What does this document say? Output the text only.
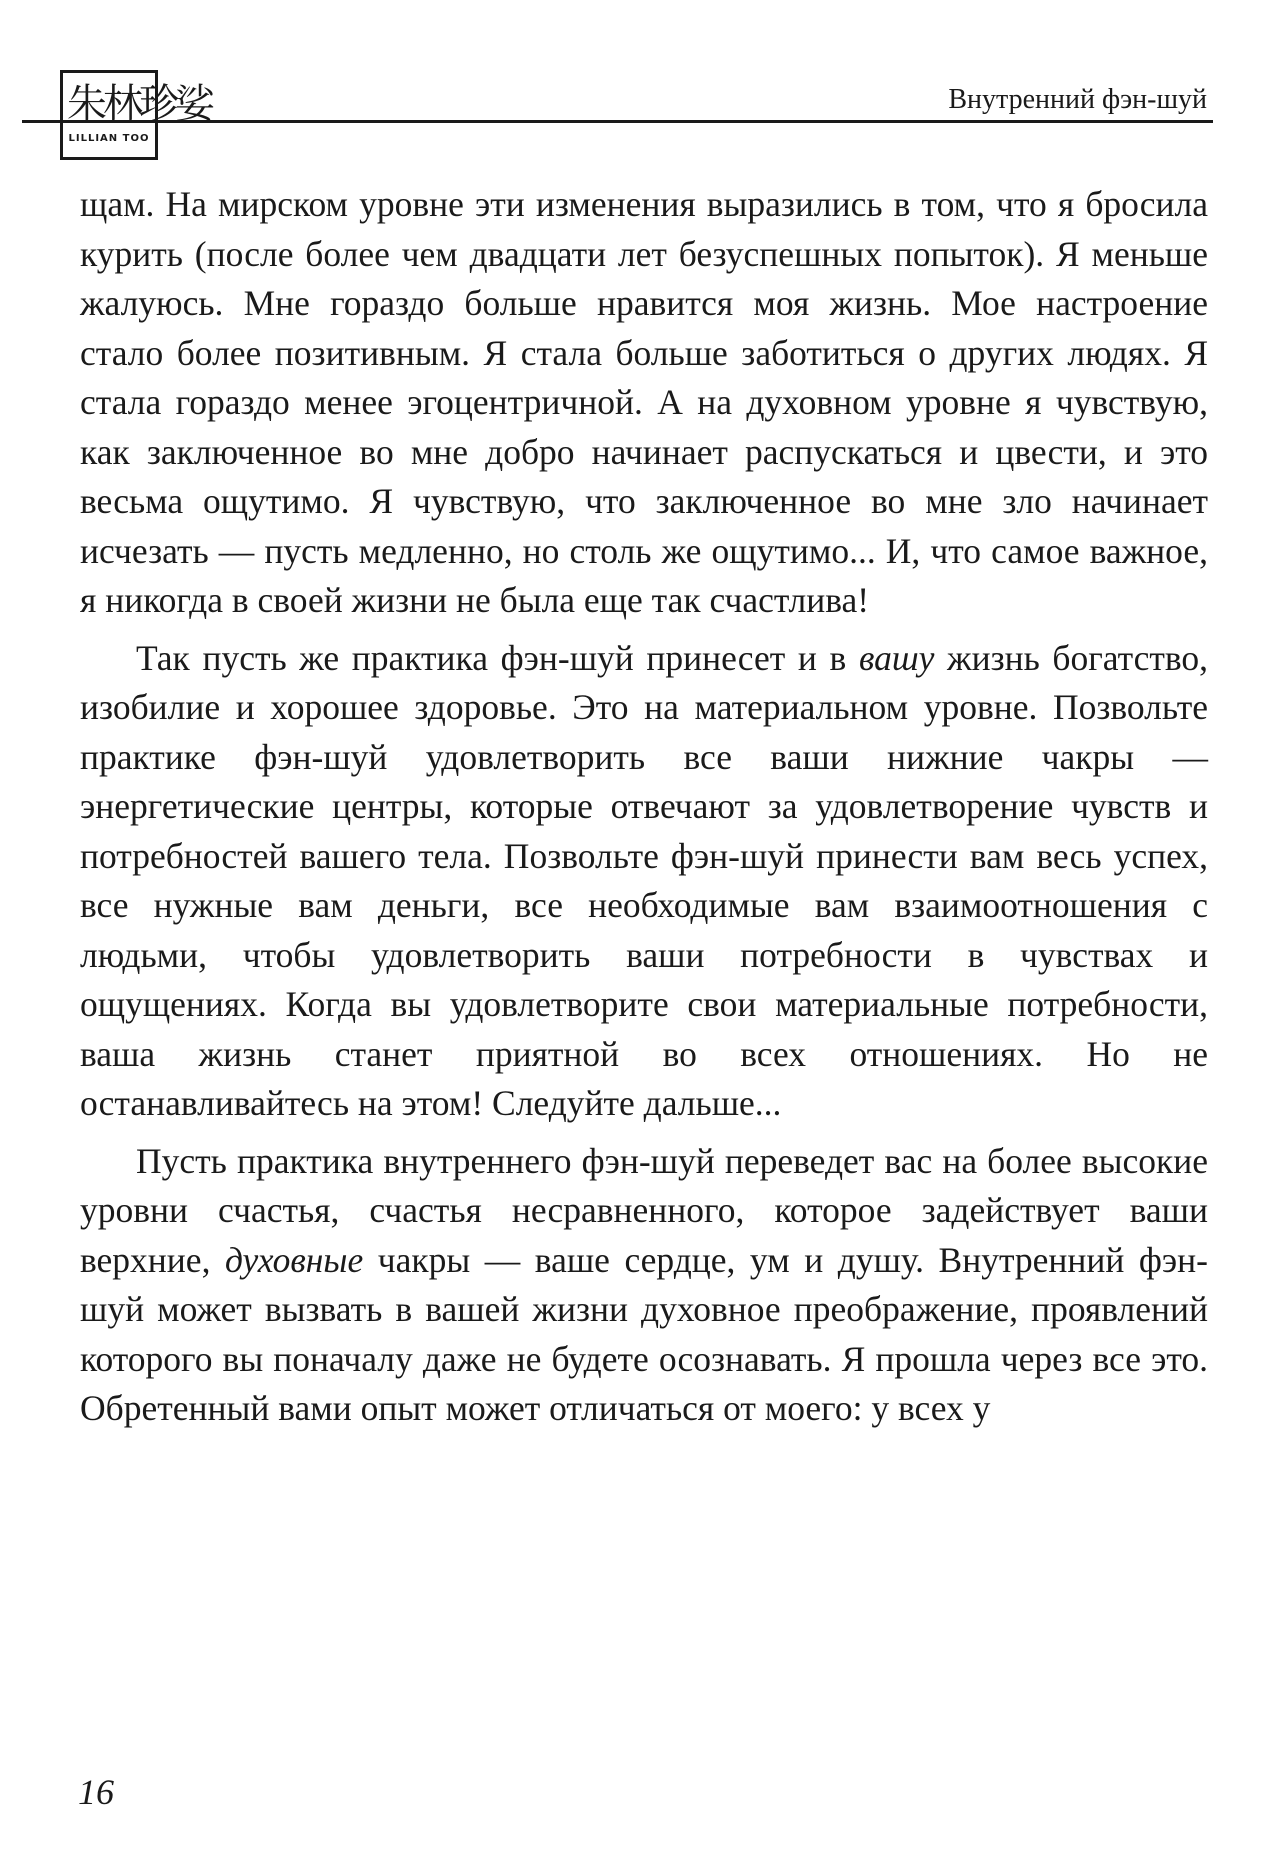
朱林珍娑
LILLIAN TOO
Внутренний фэн-шуй

щам. На мирском уровне эти изменения выразились в том, что я бросила курить (после более чем двадцати лет безуспешных попыток). Я меньше жалуюсь. Мне гораздо больше нравится моя жизнь. Мое настроение стало более позитивным. Я стала больше заботиться о других людях. Я стала гораздо менее эгоцентричной. А на духовном уровне я чувствую, как заключенное во мне добро начинает распускаться и цвести, и это весьма ощутимо. Я чувствую, что заключенное во мне зло начинает исчезать — пусть медленно, но столь же ощутимо... И, что самое важное, я никогда в своей жизни не была еще так счастлива!

Так пусть же практика фэн-шуй принесет и в вашу жизнь богатство, изобилие и хорошее здоровье. Это на материальном уровне. Позвольте практике фэн-шуй удовлетворить все ваши нижние чакры — энергетические центры, которые отвечают за удовлетворение чувств и потребностей вашего тела. Позвольте фэн-шуй принести вам весь успех, все нужные вам деньги, все необходимые вам взаимоотношения с людьми, чтобы удовлетворить ваши потребности в чувствах и ощущениях. Когда вы удовлетворите свои материальные потребности, ваша жизнь станет приятной во всех отношениях. Но не останавливайтесь на этом! Следуйте дальше...

Пусть практика внутреннего фэн-шуй переведет вас на более высокие уровни счастья, счастья несравненного, которое задействует ваши верхние, духовные чакры — ваше сердце, ум и душу. Внутренний фэн-шуй может вызвать в вашей жизни духовное преображение, проявлений которого вы поначалу даже не будете осознавать. Я прошла через все это. Обретенный вами опыт может отличаться от моего: у всех у

16
